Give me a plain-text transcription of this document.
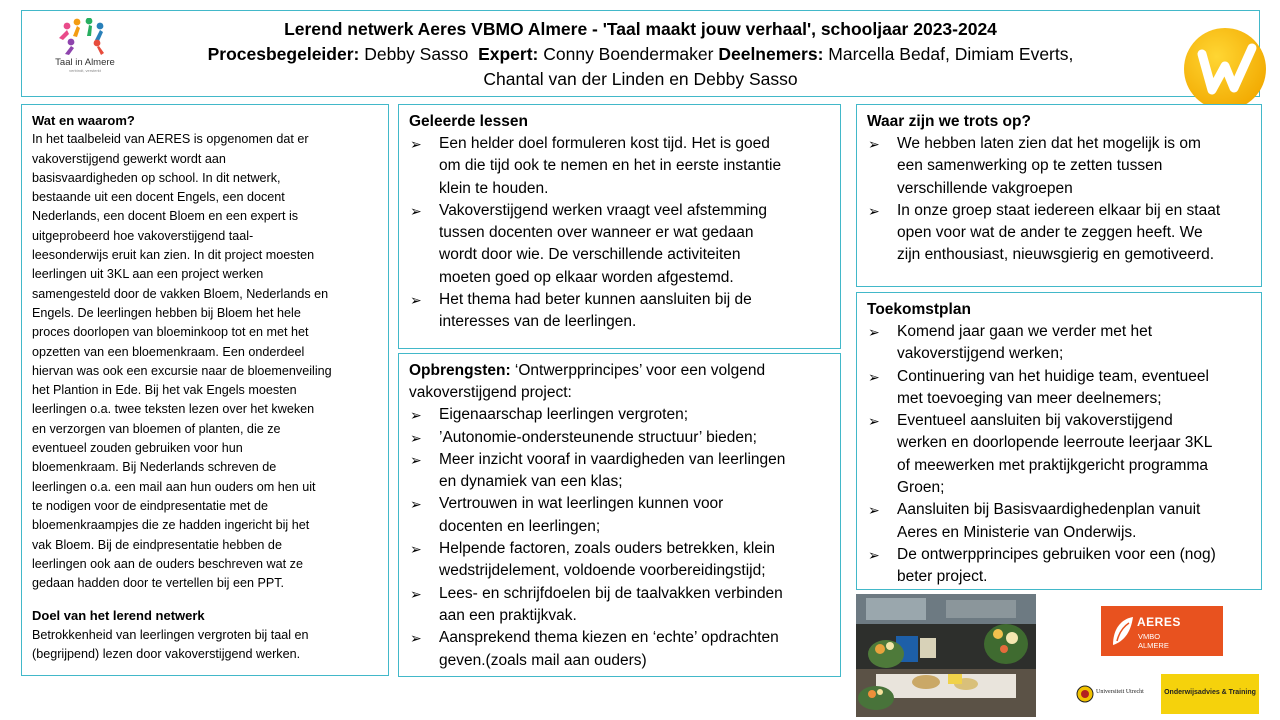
Lerend netwerk Aeres VBMO Almere - 'Taal maakt jouw verhaal', schooljaar 2023-2024
Procesbegeleider: Debby Sasso Expert: Conny Boendermaker Deelnemers: Marcella Bedaf, Dimiam Everts,
Chantal van der Linden en Debby Sasso
Taal in Almere
verbindt, versterkt
Wat en waarom?

In het taalbeleid van AERES is opgenomen dat er

vakoverstijgend gewerkt wordt aan

basisvaardigheden op school. In dit netwerk,

bestaande uit een docent Engels, een docent

Nederlands, een docent Bloem en een expert is

uitgeprobeerd hoe vakoverstijgend taal-

leesonderwijs eruit kan zien. In dit project moesten

leerlingen uit 3KL aan een project werken

samengesteld door de vakken Bloem, Nederlands en

Engels. De leerlingen hebben bij Bloem het hele

proces doorlopen van bloeminkoop tot en met het

opzetten van een bloemenkraam. Een onderdeel

hiervan was ook een excursie naar de bloemenveiling

het Plantion in Ede. Bij het vak Engels moesten

leerlingen o.a. twee teksten lezen over het kweken

en verzorgen van bloemen of planten, die ze

eventueel zouden gebruiken voor hun

bloemenkraam. Bij Nederlands schreven de

leerlingen o.a. een mail aan hun ouders om hen uit

te nodigen voor de eindpresentatie met de

bloemenkraampjes die ze hadden ingericht bij het

vak Bloem. Bij de eindpresentatie hebben de

leerlingen ook aan de ouders beschreven wat ze

gedaan hadden door te vertellen bij een PPT.

Doel van het lerend netwerk

Betrokkenheid van leerlingen vergroten bij taal en

(begrijpend) lezen door vakoverstijgend werken.

Geleerde lessen
➢ Een helder doel formuleren kost tijd. Het is goed
om die tijd ook te nemen en het in eerste instantie
klein te houden.
➢ Vakoverstijgend werken vraagt veel afstemming
tussen docenten over wanneer er wat gedaan
wordt door wie. De verschillende activiteiten
moeten goed op elkaar worden afgestemd.
➢ Het thema had beter kunnen aansluiten bij de
interesses van de leerlingen.
Opbrengsten: ‘Ontwerpprincipes’ voor een volgend
vakoverstijgend project:
➢ Eigenaarschap leerlingen vergroten;
➢ ’Autonomie-ondersteunende structuur’ bieden;
➢ Meer inzicht vooraf in vaardigheden van leerlingen
en dynamiek van een klas;
➢ Vertrouwen in wat leerlingen kunnen voor
docenten en leerlingen;
➢ Helpende factoren, zoals ouders betrekken, klein
wedstrijdelement, voldoende voorbereidingstijd;
➢ Lees- en schrijfdoelen bij de taalvakken verbinden
aan een praktijkvak.
➢ Aansprekend thema kiezen en ‘echte’ opdrachten
geven.(zoals mail aan ouders)
Waar zijn we trots op?
➢ We hebben laten zien dat het mogelijk is om
een samenwerking op te zetten tussen
verschillende vakgroepen
➢ In onze groep staat iedereen elkaar bij en staat
open voor wat de ander te zeggen heeft. We
zijn enthousiast, nieuwsgierig en gemotiveerd.
Toekomstplan
➢ Komend jaar gaan we verder met het
vakoverstijgend werken;
➢ Continuering van het huidige team, eventueel
met toevoeging van meer deelnemers;
➢ Eventueel aansluiten bij vakoverstijgend
werken en doorlopende leerroute leerjaar 3KL
of meewerken met praktijkgericht programma
Groen;
➢ Aansluiten bij Basisvaardighedenplan vanuit
Aeres en Ministerie van Onderwijs.
➢ De ontwerpprincipes gebruiken voor een (nog)
beter project.
AERES
VMBO
ALMERE
Universiteit Utrecht	Onderwijsadvies & Training
